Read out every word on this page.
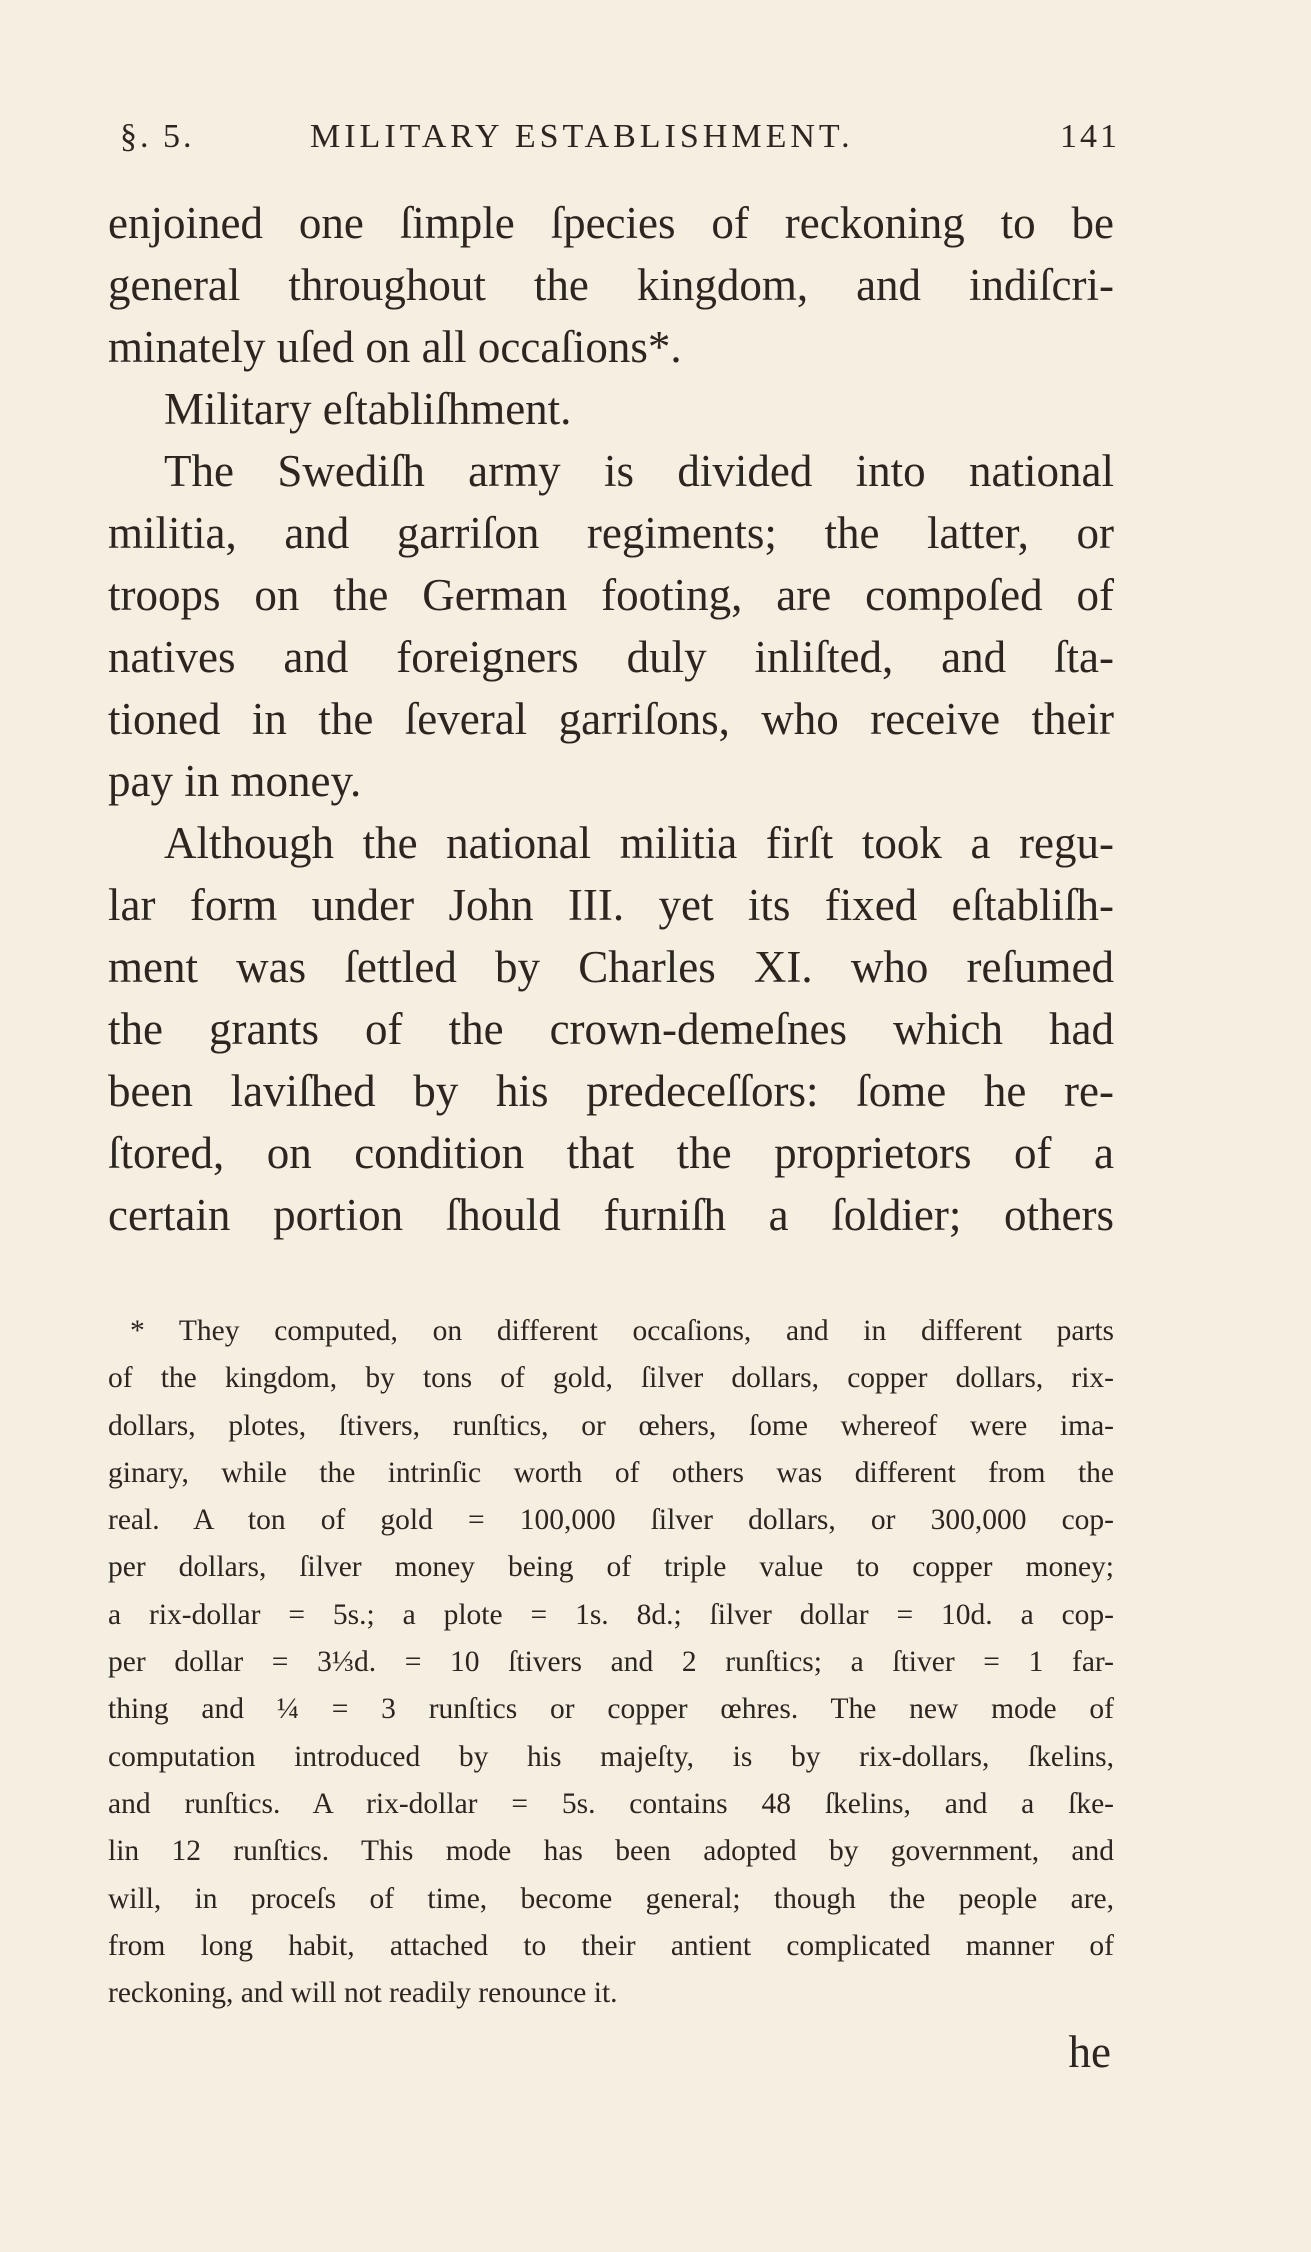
§. 5.	MILITARY ESTABLISHMENT.	141
enjoined one ſimple ſpecies of reckoning to be
general throughout the kingdom, and indiſcri-
minately uſed on all occaſions*.
Military eſtabliſhment.
The Swediſh army is divided into national
militia, and garriſon regiments; the latter, or
troops on the German footing, are compoſed of
natives and foreigners duly inliſted, and ſta-
tioned in the ſeveral garriſons, who receive their
pay in money.
Although the national militia firſt took a regu-
lar form under John III. yet its fixed eſtabliſh-
ment was ſettled by Charles XI. who reſumed
the grants of the crown-demeſnes which had
been laviſhed by his predeceſſors: ſome he re-
ſtored, on condition that the proprietors of a
certain portion ſhould furniſh a ſoldier; others
* They computed, on different occaſions, and in different parts
of the kingdom, by tons of gold, ſilver dollars, copper dollars, rix-
dollars, plotes, ſtivers, runſtics, or œhers, ſome whereof were ima-
ginary, while the intrinſic worth of others was different from the
real. A ton of gold = 100,000 ſilver dollars, or 300,000 cop-
per dollars, ſilver money being of triple value to copper money;
a rix-dollar = 5s.; a plote = 1s. 8d.; ſilver dollar = 10d. a cop-
per dollar = 3⅓d. = 10 ſtivers and 2 runſtics; a ſtiver = 1 far-
thing and ¼ = 3 runſtics or copper œhres. The new mode of
computation introduced by his majeſty, is by rix-dollars, ſkelins,
and runſtics. A rix-dollar = 5s. contains 48 ſkelins, and a ſke-
lin 12 runſtics. This mode has been adopted by government, and
will, in proceſs of time, become general; though the people are,
from long habit, attached to their antient complicated manner of
reckoning, and will not readily renounce it.
he
